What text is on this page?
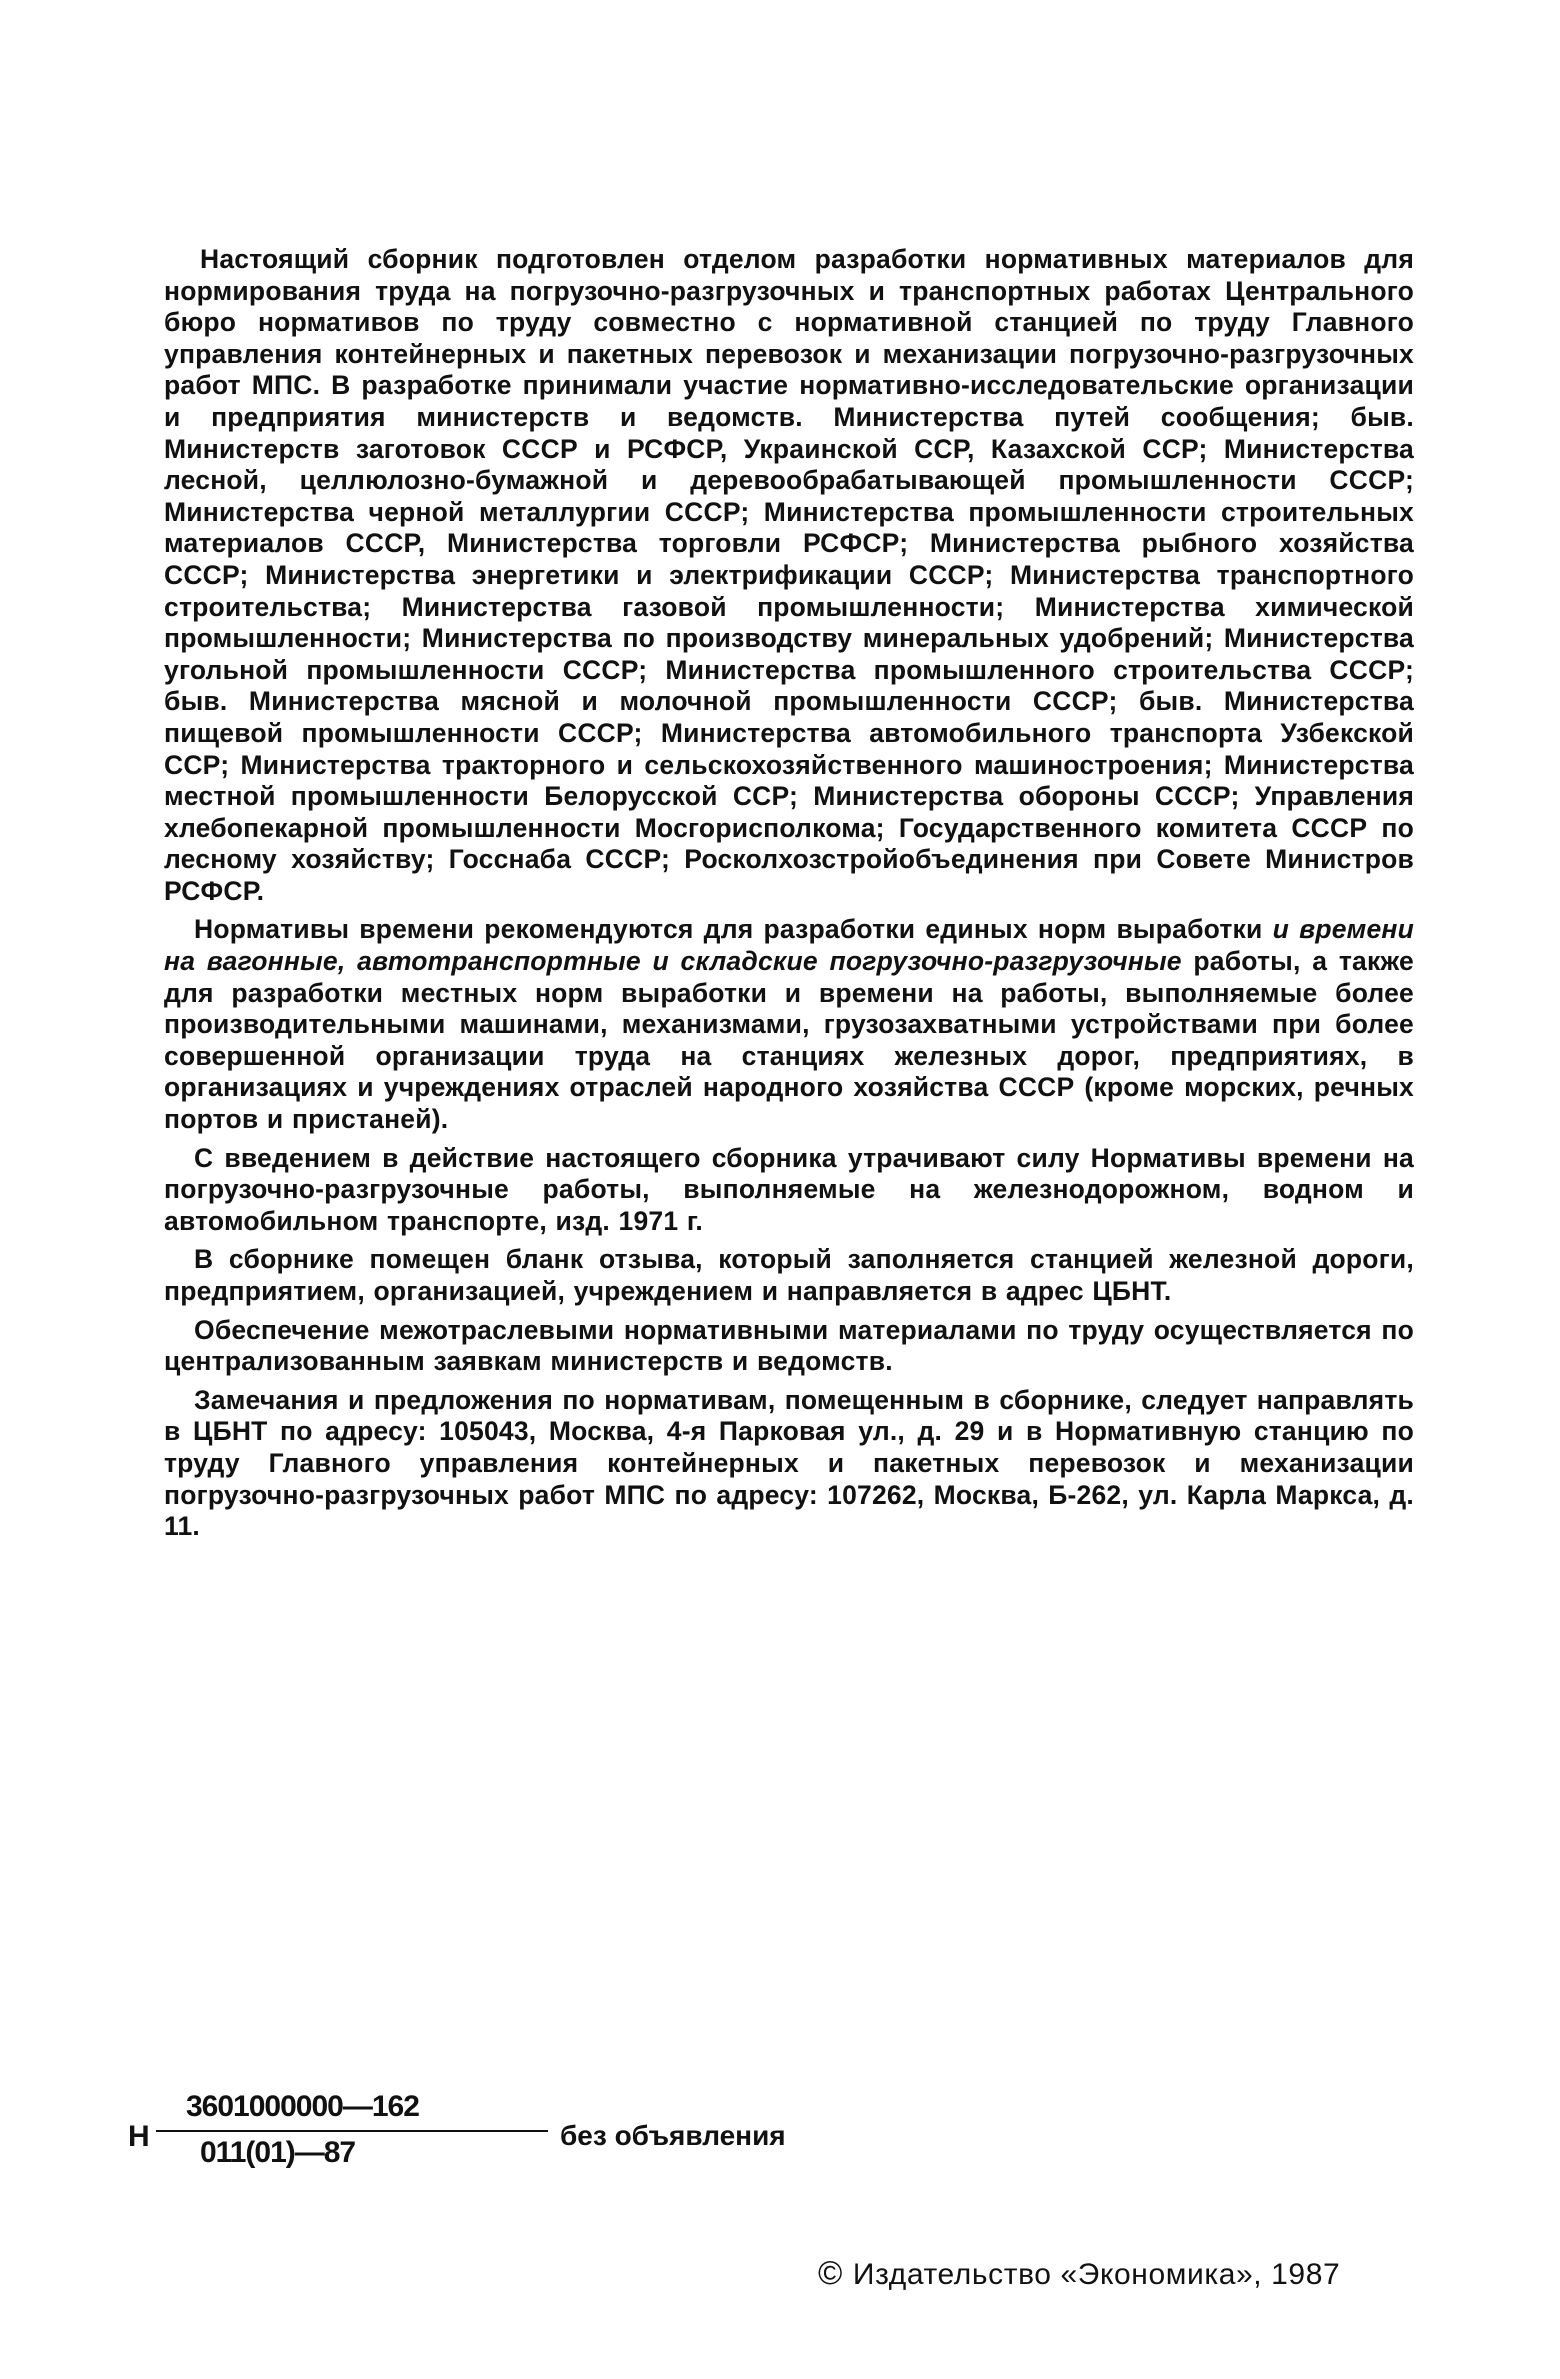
Настоящий сборник подготовлен отделом разработки нормативных материалов для нормирования труда на погрузочно-разгрузочных и транспортных работах Центрального бюро нормативов по труду совместно с нормативной станцией по труду Главного управления контейнерных и пакетных перевозок и механизации погрузочно-разгрузочных работ МПС. В разработке принимали участие нормативно-исследовательские организации и предприятия министерств и ведомств. Министерства путей сообщения; быв. Министерств заготовок СССР и РСФСР, Украинской ССР, Казахской ССР; Министерства лесной, целлюлозно-бумажной и деревообрабатывающей промышленности СССР; Министерства черной металлургии СССР; Министерства промышленности строительных материалов СССР, Министерства торговли РСФСР; Министерства рыбного хозяйства СССР; Министерства энергетики и электрификации СССР; Министерства транспортного строительства; Министерства газовой промышленности; Министерства химической промышленности; Министерства по производству минеральных удобрений; Министерства угольной промышленности СССР; Министерства промышленного строительства СССР; быв. Министерства мясной и молочной промышленности СССР; быв. Министерства пищевой промышленности СССР; Министерства автомобильного транспорта Узбекской ССР; Министерства тракторного и сельскохозяйственного машиностроения; Министерства местной промышленности Белорусской ССР; Министерства обороны СССР; Управления хлебопекарной промышленности Мосгорисполкома; Государственного комитета СССР по лесному хозяйству; Госснаба СССР; Росколхозстройобъединения при Совете Министров РСФСР.

Нормативы времени рекомендуются для разработки единых норм выработки и времени на вагонные, автотранспортные и складские погрузочно-разгрузочные работы, а также для разработки местных норм выработки и времени на работы, выполняемые более производительными машинами, механизмами, грузозахватными устройствами при более совершенной организации труда на станциях железных дорог, предприятиях, в организациях и учреждениях отраслей народного хозяйства СССР (кроме морских, речных портов и пристаней).

С введением в действие настоящего сборника утрачивают силу Нормативы времени на погрузочно-разгрузочные работы, выполняемые на железнодорожном, водном и автомобильном транспорте, изд. 1971 г.

В сборнике помещен бланк отзыва, который заполняется станцией железной дороги, предприятием, организацией, учреждением и направляется в адрес ЦБНТ.

Обеспечение межотраслевыми нормативными материалами по труду осуществляется по централизованным заявкам министерств и ведомств.

Замечания и предложения по нормативам, помещенным в сборнике, следует направлять в ЦБНТ по адресу: 105043, Москва, 4-я Парковая ул., д. 29 и в Нормативную станцию по труду Главного управления контейнерных и пакетных перевозок и механизации погрузочно-разгрузочных работ МПС по адресу: 107262, Москва, Б-262, ул. Карла Маркса, д. 11.

Н
3601000000—162
011(01)—87
без объявления
© Издательство «Экономика», 1987
